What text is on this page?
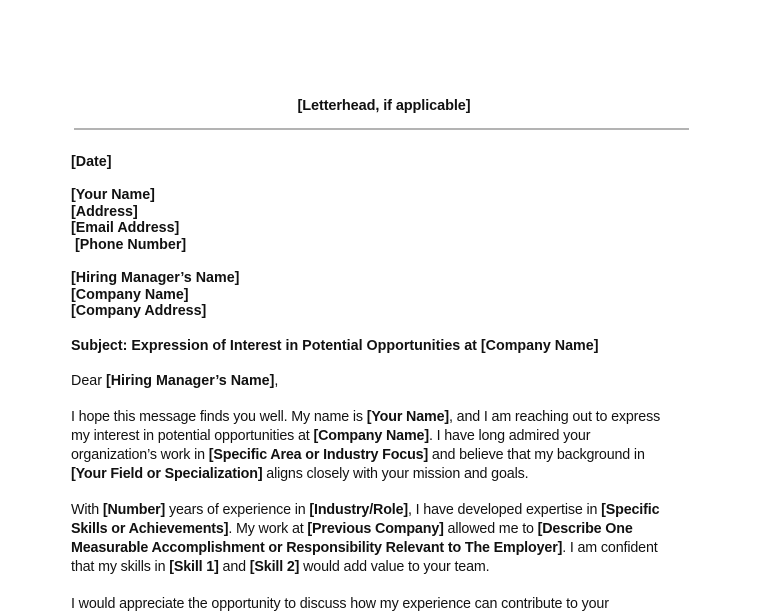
[Letterhead, if applicable]
[Date]
[Your Name]
[Address]
[Email Address]
[Phone Number]
[Hiring Manager’s Name]
[Company Name]
[Company Address]
Subject: Expression of Interest in Potential Opportunities at [Company Name]
Dear [Hiring Manager’s Name],
I hope this message finds you well. My name is [Your Name], and I am reaching out to express
my interest in potential opportunities at [Company Name]. I have long admired your
organization’s work in [Specific Area or Industry Focus] and believe that my background in
[Your Field or Specialization] aligns closely with your mission and goals.
With [Number] years of experience in [Industry/Role], I have developed expertise in [Specific
Skills or Achievements]. My work at [Previous Company] allowed me to [Describe One
Measurable Accomplishment or Responsibility Relevant to The Employer]. I am confident
that my skills in [Skill 1] and [Skill 2] would add value to your team.
I would appreciate the opportunity to discuss how my experience can contribute to your
